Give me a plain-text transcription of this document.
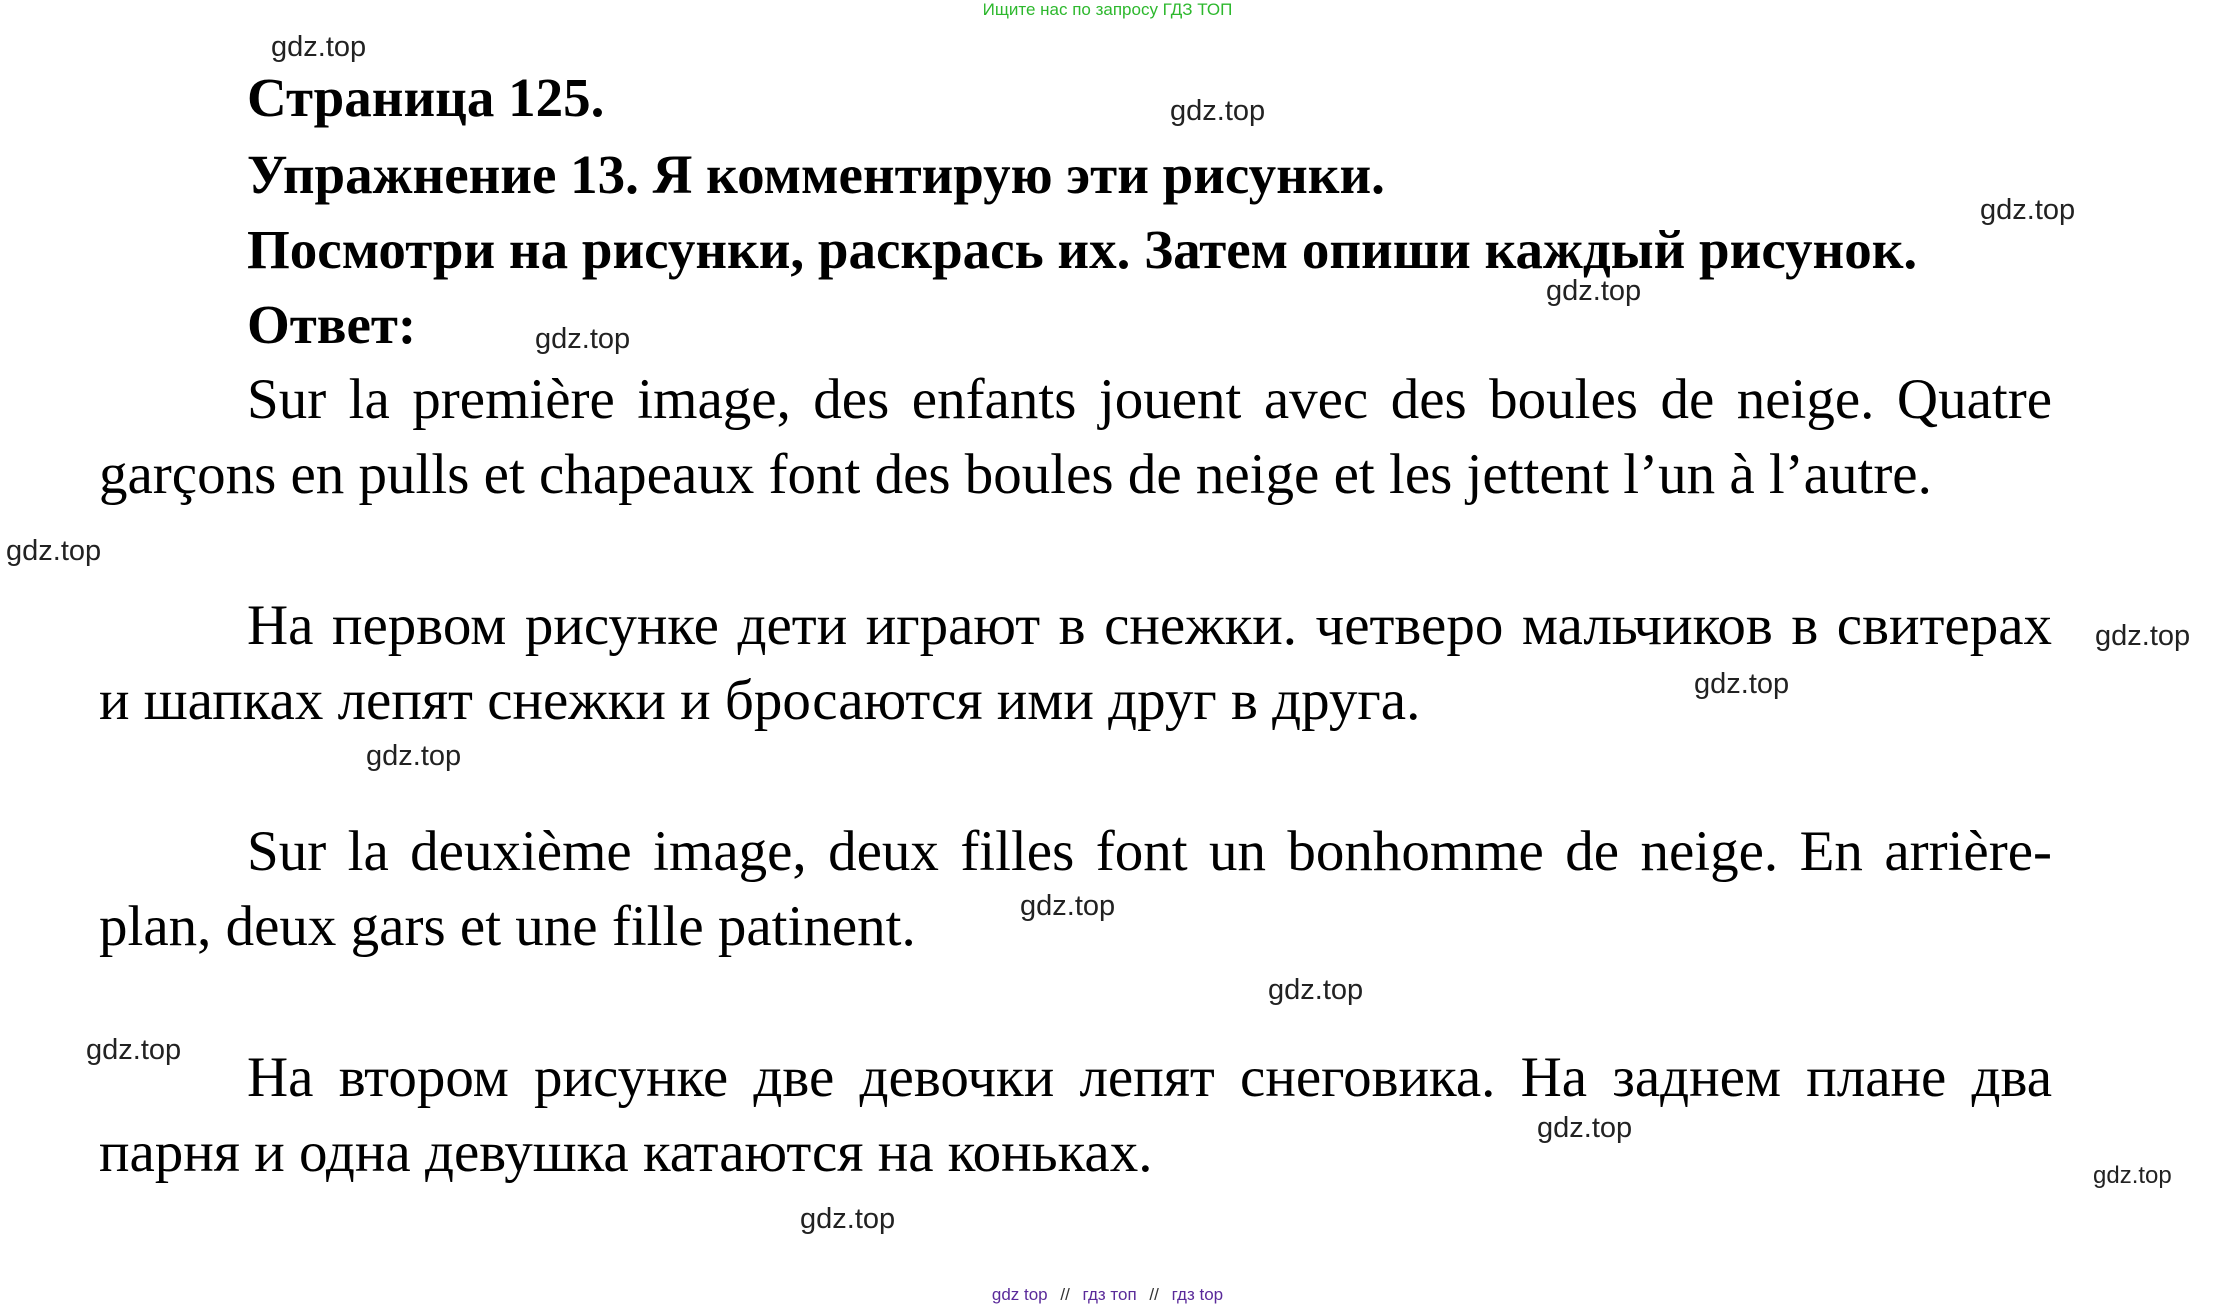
Ищите нас по запросу ГДЗ ТОП
Страница 125.
Упражнение 13. Я комментирую эти рисунки.
Посмотри на рисунки, раскрась их. Затем опиши каждый рисунок.
Ответ:
Sur la première image, des enfants jouent avec des boules de neige. Quatre
garçons en pulls et chapeaux font des boules de neige et les jettent l’un à l’autre.
На первом рисунке дети играют в снежки. четверо мальчиков в свитерах
и шапках лепят снежки и бросаются ими друг в друга.
Sur la deuxième image, deux filles font un bonhomme de neige. En arrière-
plan, deux gars et une fille patinent.
На втором рисунке две девочки лепят снеговика. На заднем плане два
парня и одна девушка катаются на коньках.
gdz.top
gdz.top
gdz.top
gdz.top
gdz.top
gdz.top
gdz.top
gdz.top
gdz.top
gdz.top
gdz.top
gdz.top
gdz.top
gdz.top
gdz.top
gdz top // гдз топ // гдз top
